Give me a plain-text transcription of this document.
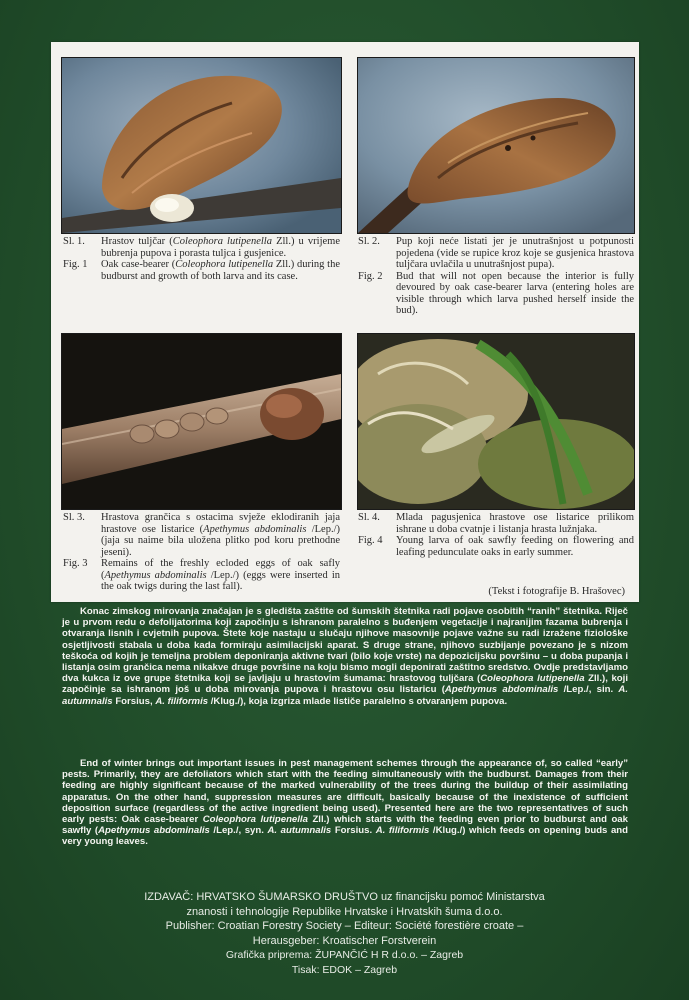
Sl. 1.	Hrastov tuljčar (Coleophora lutipenella Zll.) u vrijeme bubrenja pupova i porasta tuljca i gusjenice.
Fig. 1	Oak case-bearer (Coleophora lutipenella Zll.) during the budburst and growth of both larva and its case.
Sl. 2.	Pup koji neće listati jer je unutrašnjost u potpunosti pojedena (vide se rupice kroz koje se gusjenica hrastova tuljčara uvlačila u unutrašnjost pupa).
Fig. 2	Bud that will not open because the interior is fully devoured by oak case-bearer larva (entering holes are visible through which larva pushed herself inside the bud).
Sl. 3.	Hrastova grančica s ostacima svježe eklodiranih jaja hrastove ose listarice (Apethymus abdominalis /Lep./) (jaja su naime bila uložena plitko pod koru prethodne jeseni).
Fig. 3	Remains of the freshly ecloded eggs of oak safly (Apethymus abdominalis /Lep./) (eggs were inserted in the oak twigs during the last fall).
Sl. 4.	Mlada pagusjenica hrastove ose listarice prilikom ishrane u doba cvatnje i listanja hrasta lužnjaka.
Fig. 4	Young larva of oak sawfly feeding on flowering and leafing pedunculate oaks in early summer.
(Tekst i fotografije B. Hrašovec)
Konac zimskog mirovanja značajan je s gledišta zaštite od šumskih štetnika radi pojave osobitih “ranih” štetnika. Riječ je u prvom redu o defolijatorima koji započinju s ishranom paralelno s buđenjem vegetacije i najranijim fazama bubrenja i otvaranja lisnih i cvjetnih pupova. Štete koje nastaju u slučaju njihove masovnije pojave važne su radi izražene fiziološke osjetljivosti stabala u doba kada formiraju asimilacijski aparat. S druge strane, njihovo suzbijanje povezano je s nizom teškoća od kojih je temeljna problem deponiranja aktivne tvari (bilo koje vrste) na depozicijsku površinu – u doba pupanja i listanja osim grančica nema nikakve druge površine na koju bismo mogli deponirati zaštitno sredstvo. Ovdje predstavljamo dva kukca iz ove grupe štetnika koji se javljaju u hrastovim šumama: hrastovog tuljčara (Coleophora lutipenella Zll.), koji započinje sa ishranom još u doba mirovanja pupova i hrastovu osu listaricu (Apethymus abdominalis /Lep./, sin. A. autumnalis Forsius, A. filiformis /Klug./), koja izgriza mlade lističe paralelno s otvaranjem pupova.
End of winter brings out important issues in pest management schemes through the appearance of, so called “early” pests. Primarily, they are defoliators which start with the feeding simultaneously with the budburst. Damages from their feeding are highly significant because of the marked vulnerability of the trees during the buildup of their assimilating apparatus. On the other hand, suppression measures are difficult, basically because of the inexistence of sufficient deposition surface (regardless of the active ingredient being used). Presented here are the two representatives of such early pests: Oak case-bearer Coleophora lutipenella Zll.) which starts with the feeding even prior to budburst and oak sawfly (Apethymus abdominalis /Lep./, syn. A. autumnalis Forsius. A. filiformis /Klug./) which feeds on opening buds and very young leaves.
IZDAVAČ: HRVATSKO ŠUMARSKO DRUŠTVO uz financijsku pomoć Ministarstva
znanosti i tehnologije Republike Hrvatske i Hrvatskih šuma d.o.o.
Publisher: Croatian Forestry Society – Editeur: Société forestière croate –
Herausgeber: Kroatischer Forstverein
Grafička priprema: ŽUPANČIĆ H R d.o.o. – Zagreb
Tisak: EDOK – Zagreb
